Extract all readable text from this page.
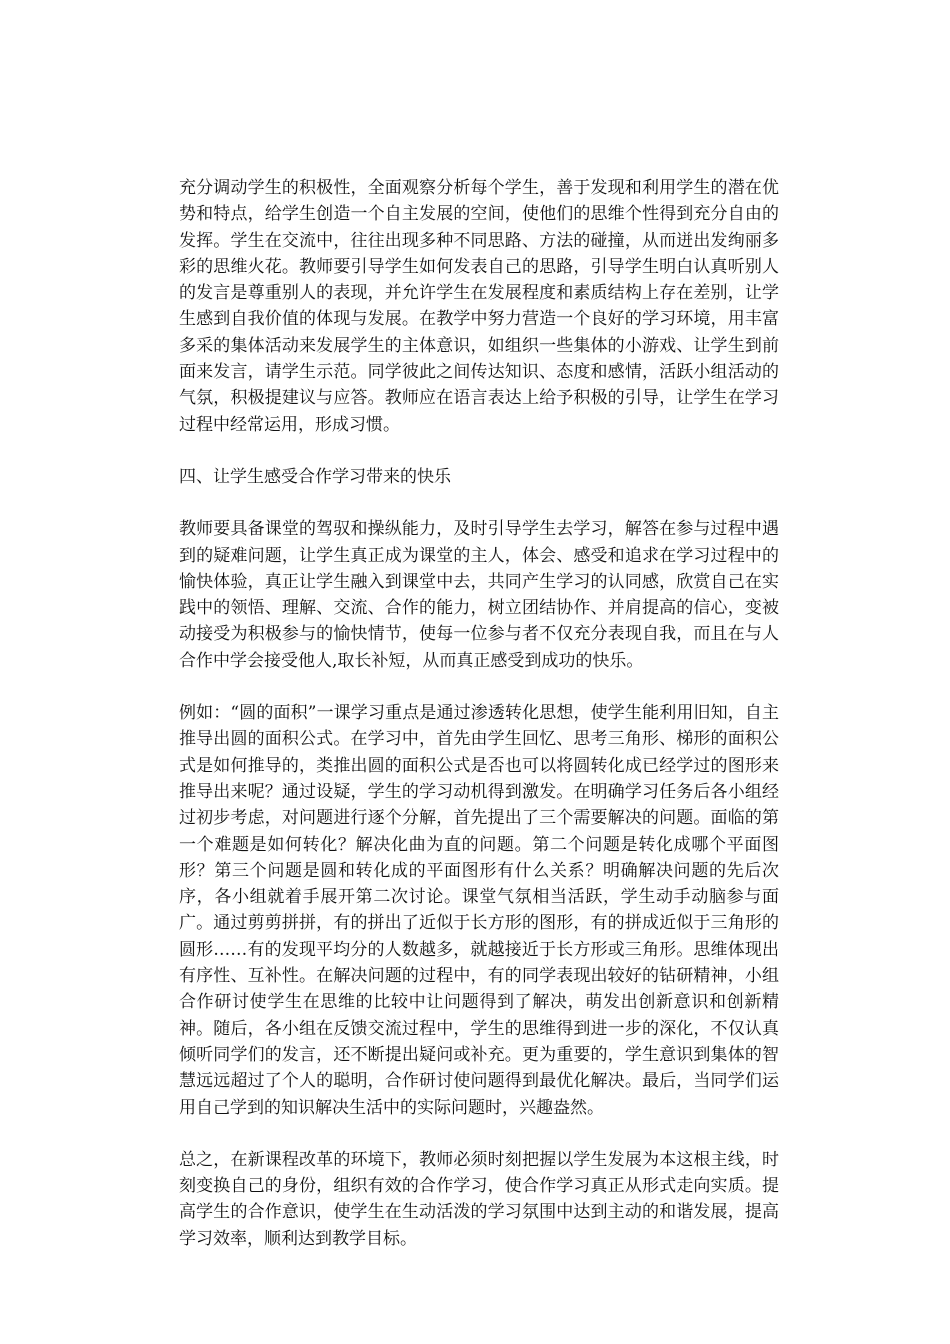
充分调动学生的积极性，全面观察分析每个学生，善于发现和利用学生的潜在优势和特点，给学生创造一个自主发展的空间，使他们的思维个性得到充分自由的发挥。学生在交流中，往往出现多种不同思路、方法的碰撞，从而迸出发绚丽多彩的思维火花。教师要引导学生如何发表自己的思路，引导学生明白认真听别人的发言是尊重别人的表现，并允许学生在发展程度和素质结构上存在差别，让学生感到自我价值的体现与发展。在教学中努力营造一个良好的学习环境，用丰富多采的集体活动来发展学生的主体意识，如组织一些集体的小游戏、让学生到前面来发言，请学生示范。同学彼此之间传达知识、态度和感情，活跃小组活动的气氛，积极提建议与应答。教师应在语言表达上给予积极的引导，让学生在学习过程中经常运用，形成习惯。

四、让学生感受合作学习带来的快乐

教师要具备课堂的驾驭和操纵能力，及时引导学生去学习，解答在参与过程中遇到的疑难问题，让学生真正成为课堂的主人，体会、感受和追求在学习过程中的愉快体验，真正让学生融入到课堂中去，共同产生学习的认同感，欣赏自己在实践中的领悟、理解、交流、合作的能力，树立团结协作、并肩提高的信心，变被动接受为积极参与的愉快情节，使每一位参与者不仅充分表现自我，而且在与人合作中学会接受他人,取长补短，从而真正感受到成功的快乐。

例如：“圆的面积”一课学习重点是通过渗透转化思想，使学生能利用旧知，自主推导出圆的面积公式。在学习中，首先由学生回忆、思考三角形、梯形的面积公式是如何推导的，类推出圆的面积公式是否也可以将圆转化成已经学过的图形来推导出来呢？通过设疑，学生的学习动机得到激发。在明确学习任务后各小组经过初步考虑，对问题进行逐个分解，首先提出了三个需要解决的问题。面临的第一个难题是如何转化？解决化曲为直的问题。第二个问题是转化成哪个平面图形？第三个问题是圆和转化成的平面图形有什么关系？明确解决问题的先后次序，各小组就着手展开第二次讨论。课堂气氛相当活跃，学生动手动脑参与面广。通过剪剪拼拼，有的拼出了近似于长方形的图形，有的拼成近似于三角形的圆形……有的发现平均分的人数越多，就越接近于长方形或三角形。思维体现出有序性、互补性。在解决问题的过程中，有的同学表现出较好的钻研精神，小组合作研讨使学生在思维的比较中让问题得到了解决，萌发出创新意识和创新精神。随后，各小组在反馈交流过程中，学生的思维得到进一步的深化，不仅认真倾听同学们的发言，还不断提出疑问或补充。更为重要的，学生意识到集体的智慧远远超过了个人的聪明，合作研讨使问题得到最优化解决。最后，当同学们运用自己学到的知识解决生活中的实际问题时，兴趣盎然。

总之，在新课程改革的环境下，教师必须时刻把握以学生发展为本这根主线，时刻变换自己的身份，组织有效的合作学习，使合作学习真正从形式走向实质。提高学生的合作意识，使学生在生动活泼的学习氛围中达到主动的和谐发展，提高学习效率，顺利达到教学目标。
